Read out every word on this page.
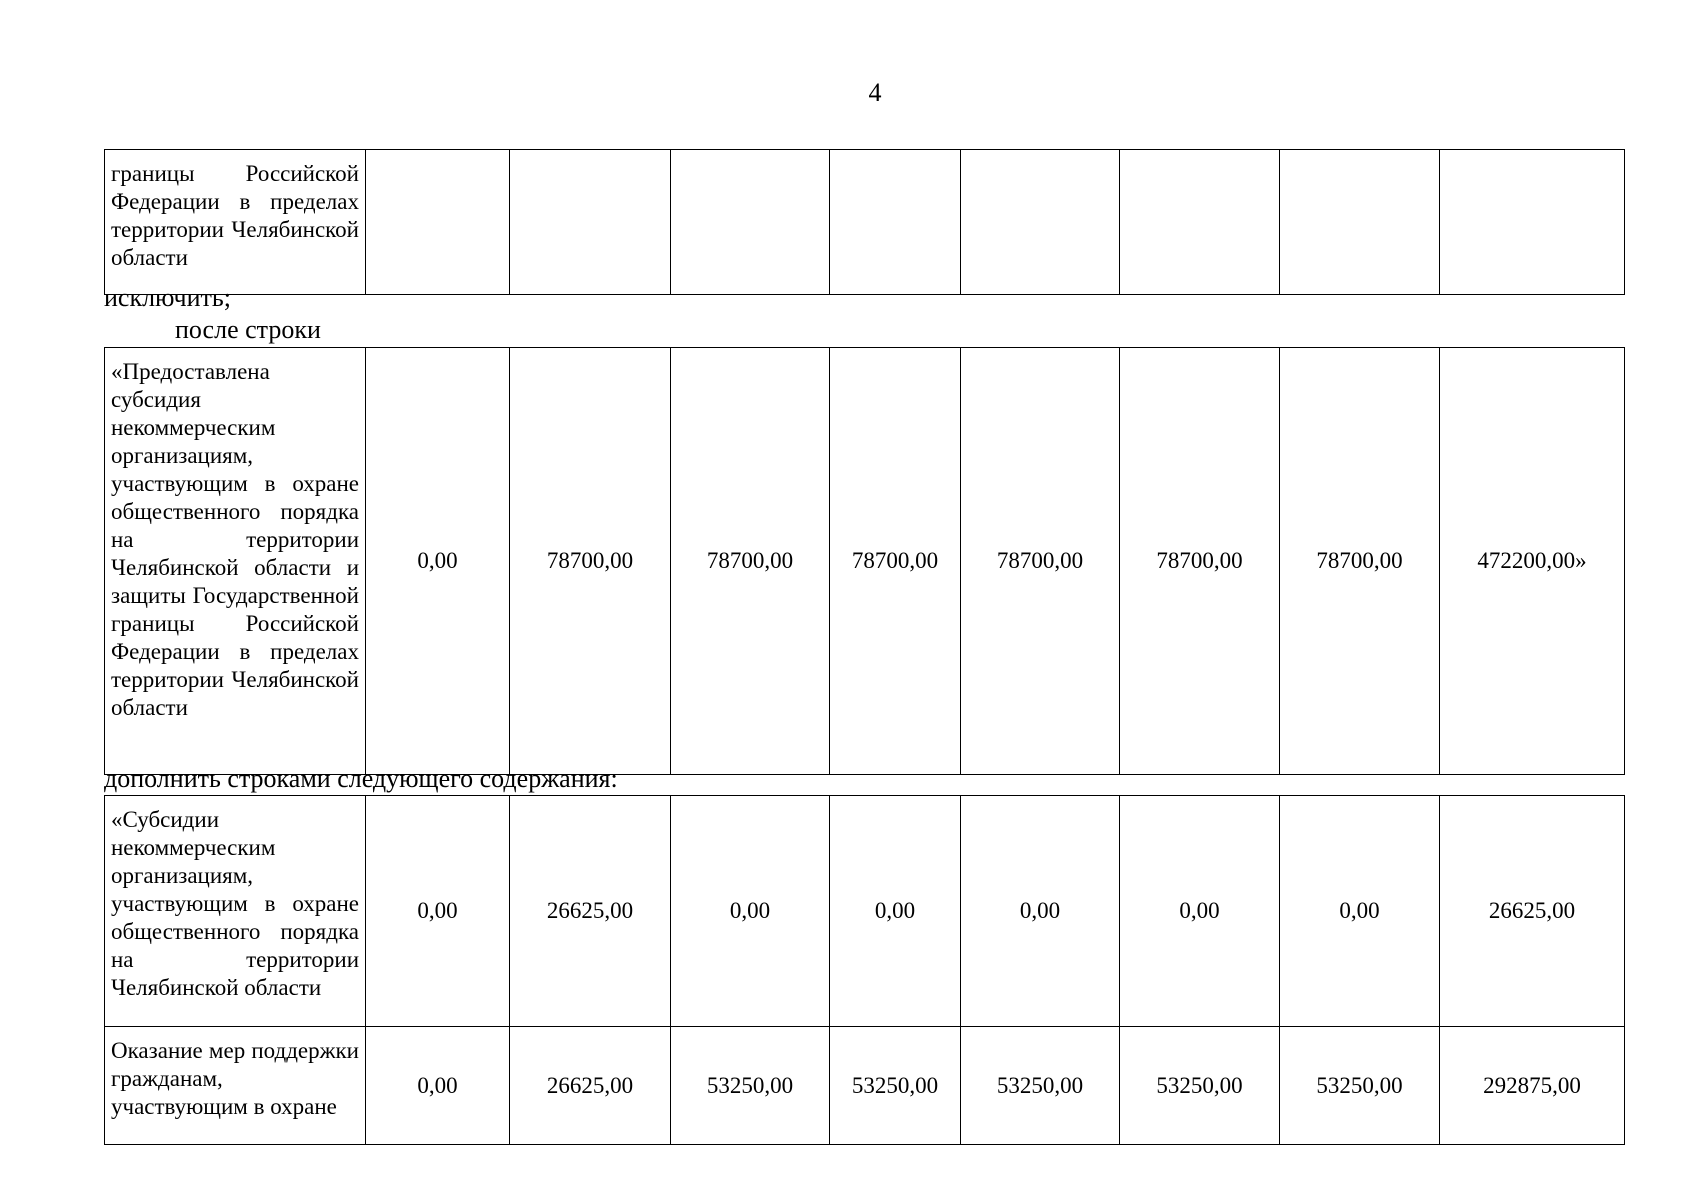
4
границы Российской Федерации в пределах территории Челябинской области								
исключить;
после строки
«Предоставлена субсидия некоммерческим организациям, участвующим в охране общественного порядка на территории Челябинской области и защиты Государственной границы Российской Федерации в пределах территории Челябинской области	0,00	78700,00	78700,00	78700,00	78700,00	78700,00	78700,00	472200,00»
дополнить строками следующего содержания:
«Субсидии некоммерческим организациям, участвующим в охране общественного порядка на территории Челябинской области	0,00	26625,00	0,00	0,00	0,00	0,00	0,00	26625,00
Оказание мер поддержки гражданам, участвующим в охране	0,00	26625,00	53250,00	53250,00	53250,00	53250,00	53250,00	292875,00
